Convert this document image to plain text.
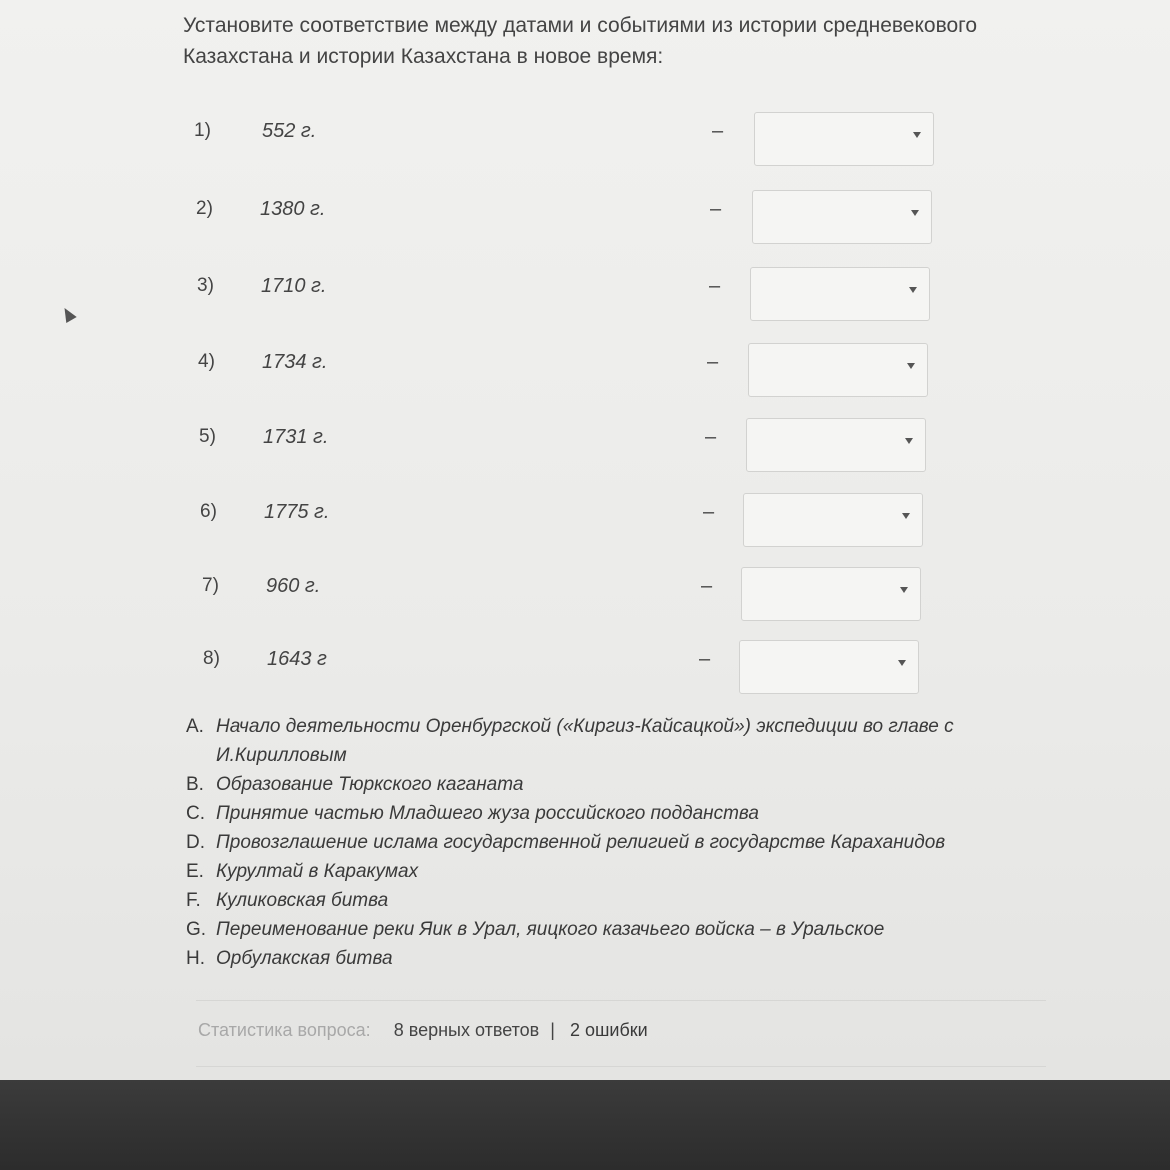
Установите соответствие между датами и событиями из истории средневекового Казахстана и истории Казахстана в новое время:
1)	552 г.	–
2) 1380 г.	–
3) 1710 г.	–
4) 1734 г.	–
5) 1731 г.	–
6) 1775 г.	–
7) 960 г.	–
8) 1643 г	–
A. Начало деятельности Оренбургской («Киргиз-Кайсацкой») экспедиции во главе с И.Кирилловым
B. Образование Тюркского каганата
C. Принятие частью Младшего жуза российского подданства
D. Провозглашение ислама государственной религией в государстве Караханидов
E. Курултай в Каракумах
F. Куликовская битва
G. Переименование реки Яик в Урал, яицкого казачьего войска – в Уральское
H. Орбулакская битва
Статистика вопроса: 8 верных ответов | 2 ошибки
